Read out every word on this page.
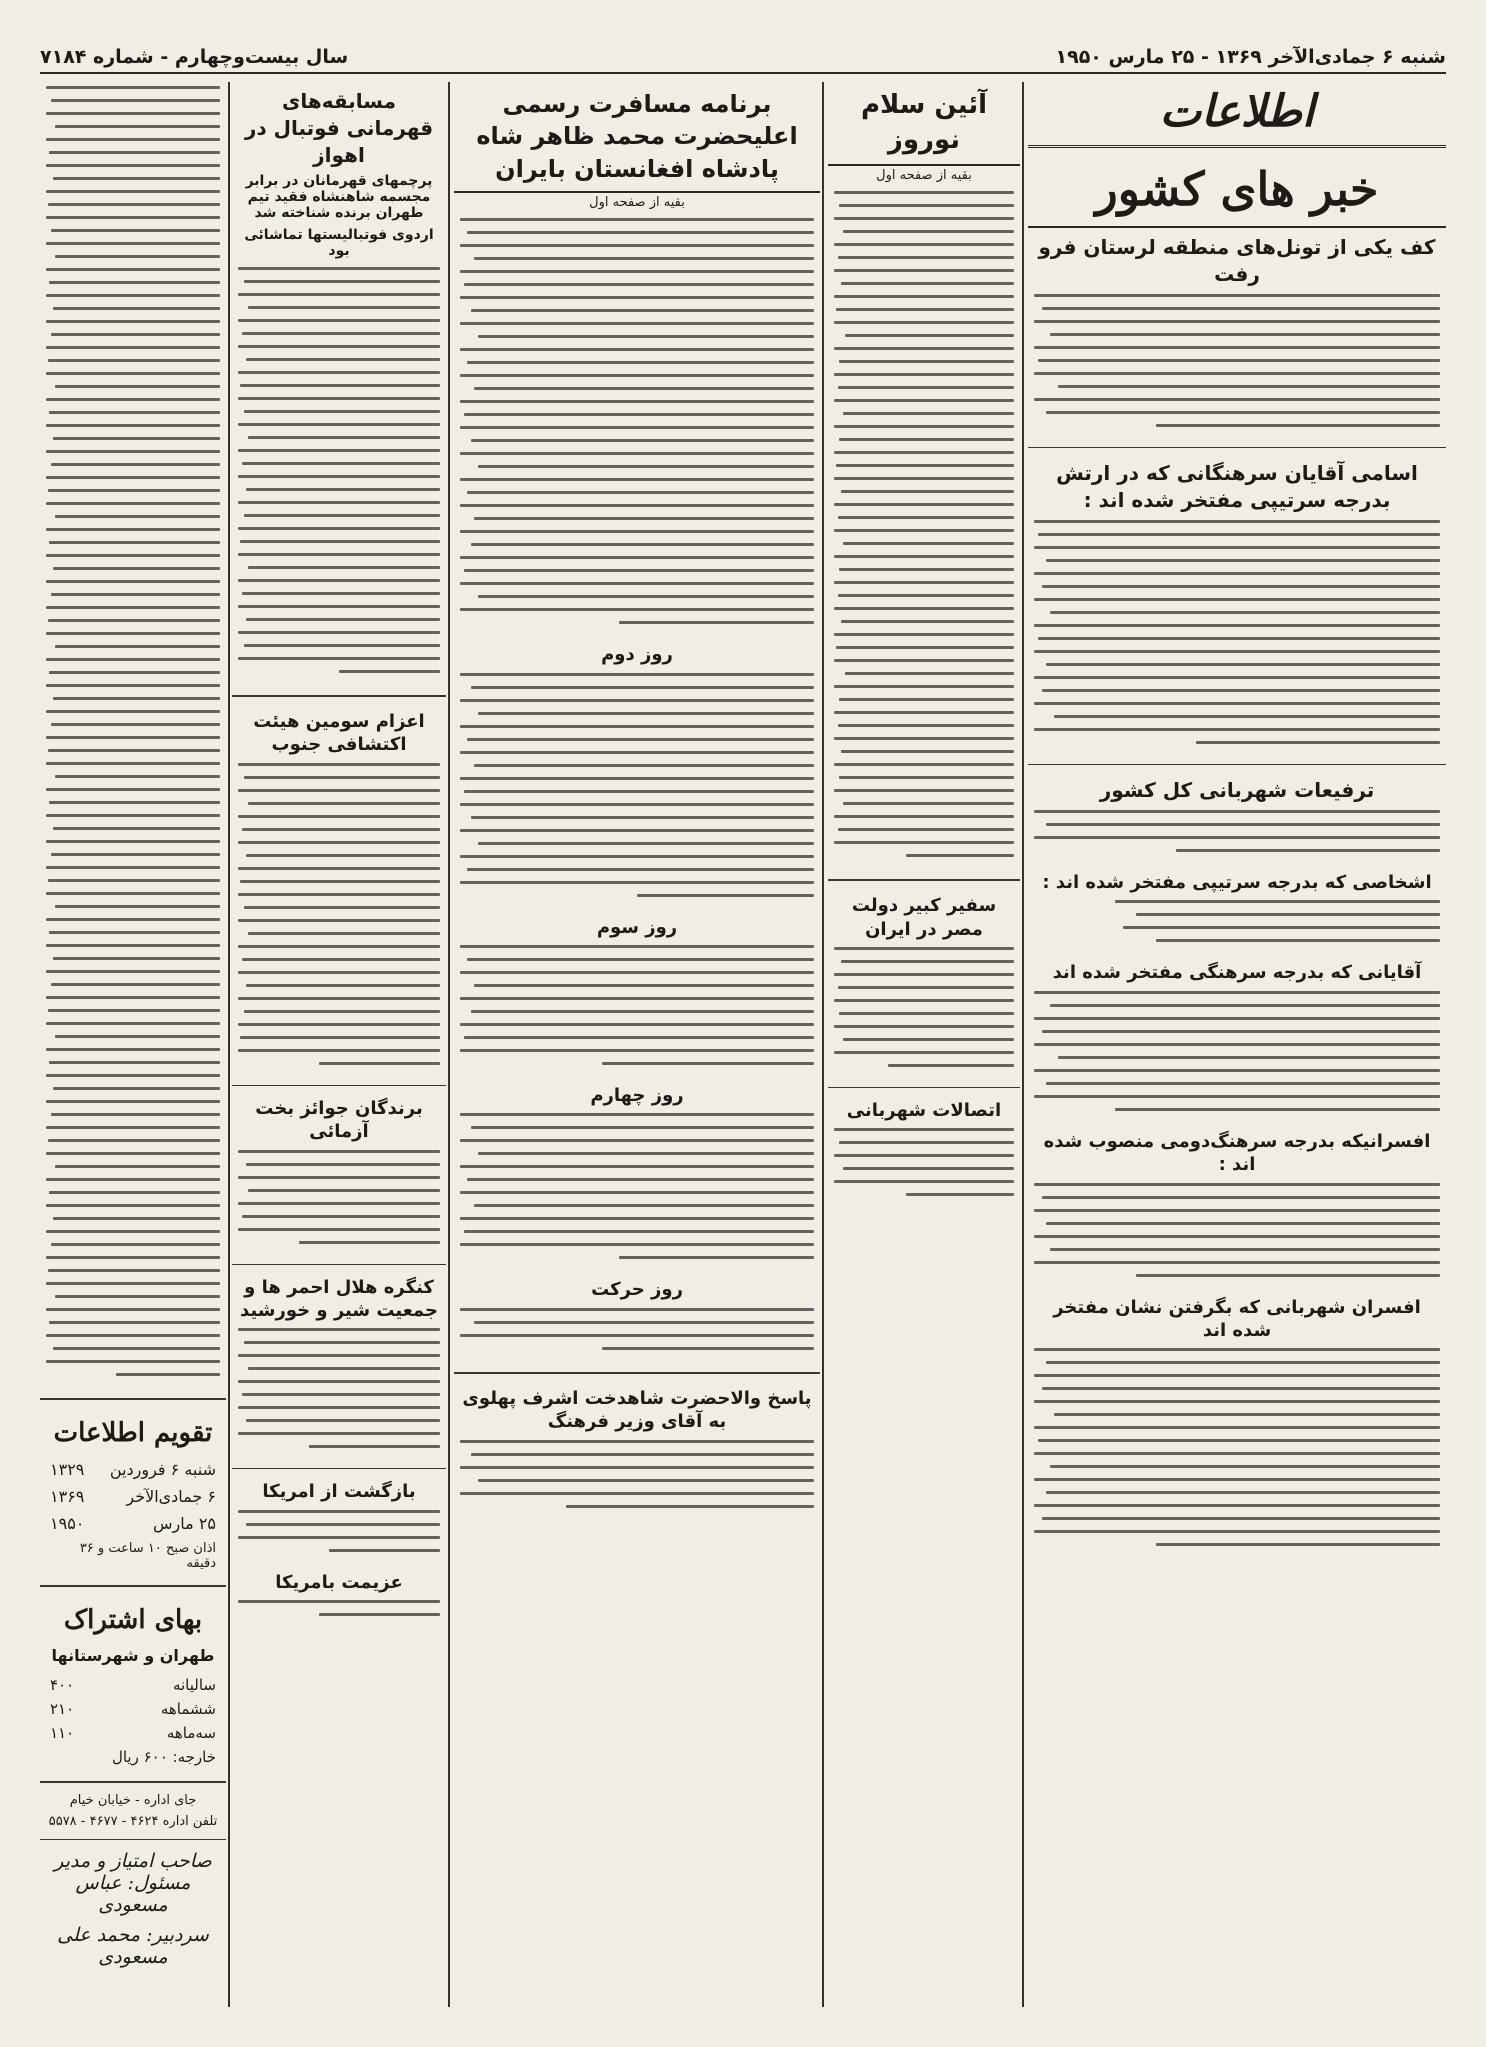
شنبه ۶ جمادی‌الآخر ۱۳۶۹ - ۲۵ مارس ۱۹۵۰
سال بیست‌وچهارم - شماره ۷۱۸۴
اطلاعات
خبر های کشور
کف یکی از تونل‌های منطقه لرستان فرو رفت
اسامی آقایان سرهنگانی که در ارتش بدرجه سرتیپی مفتخر شده اند :
ترفیعات شهربانی کل کشور
اشخاصی که بدرجه سرتیپی مفتخر شده اند :
آقایانی که بدرجه سرهنگی مفتخر شده اند
افسرانیکه بدرجه سرهنگ‌دومی منصوب شده اند :
افسران شهربانی که بگرفتن نشان مفتخر شده اند
آئین سلام نوروز
بقیه از صفحه اول
سفیر کبیر دولت مصر در ایران
اتصالات شهربانی
برنامه مسافرت رسمی اعلیحضرت محمد ظاهر شاه پادشاه افغانستان بایران
بقیه از صفحه اول
روز دوم
روز سوم
روز چهارم
روز حرکت
پاسخ والاحضرت شاهدخت اشرف پهلوی به آقای وزیر فرهنگ
مسابقه‌های قهرمانی فوتبال در اهواز
پرچمهای قهرمانان در برابر مجسمه شاهنشاه فقید تیم طهران برنده شناخته شد
اردوی فوتبالیستها تماشائی بود
اعزام سومین هیئت اکتشافی جنوب
برندگان جوائز بخت آزمائی
کنگره هلال احمر ها و جمعیت شیر و خورشید
بازگشت از امریکا
عزیمت بامریکا
تقویم اطلاعات
شنبه ۶ فروردین
۱۳۲۹
۶ جمادی‌الآخر
۱۳۶۹
۲۵ مارس
۱۹۵۰
اذان صبح ۱۰ ساعت و ۳۶ دقیقه
بهای اشتراک
طهران و شهرستانها
سالیانه
۴۰۰
ششماهه
۲۱۰
سه‌ماهه
۱۱۰
خارجه: ۶۰۰ ریال
جای اداره - خیابان خیام
تلفن اداره ۴۶۲۴ - ۴۶۷۷ - ۵۵۷۸
صاحب امتیاز و مدیر مسئول: عباس مسعودی
سردبیر: محمد علی مسعودی
